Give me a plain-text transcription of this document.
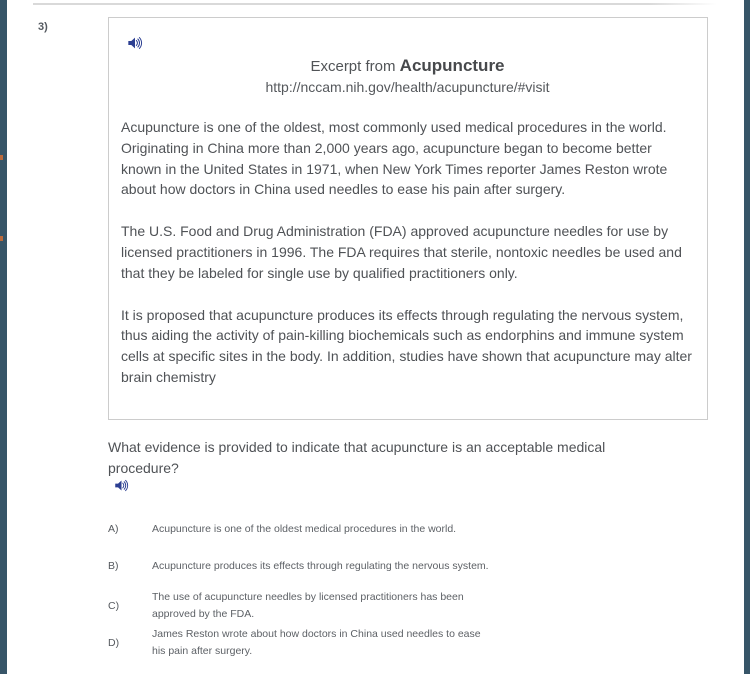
3)
Excerpt from Acupuncture
http://nccam.nih.gov/health/acupuncture/#visit

Acupuncture is one of the oldest, most commonly used medical procedures in the world. Originating in China more than 2,000 years ago, acupuncture began to become better known in the United States in 1971, when New York Times reporter James Reston wrote about how doctors in China used needles to ease his pain after surgery.

The U.S. Food and Drug Administration (FDA) approved acupuncture needles for use by licensed practitioners in 1996. The FDA requires that sterile, nontoxic needles be used and that they be labeled for single use by qualified practitioners only.

It is proposed that acupuncture produces its effects through regulating the nervous system, thus aiding the activity of pain-killing biochemicals such as endorphins and immune system cells at specific sites in the body. In addition, studies have shown that acupuncture may alter brain chemistry

What evidence is provided to indicate that acupuncture is an acceptable medical procedure?
A)	Acupuncture is one of the oldest medical procedures in the world.
B)	Acupuncture produces its effects through regulating the nervous system.
C)
The use of acupuncture needles by licensed practitioners has been approved by the FDA.
D)
James Reston wrote about how doctors in China used needles to ease his pain after surgery.
